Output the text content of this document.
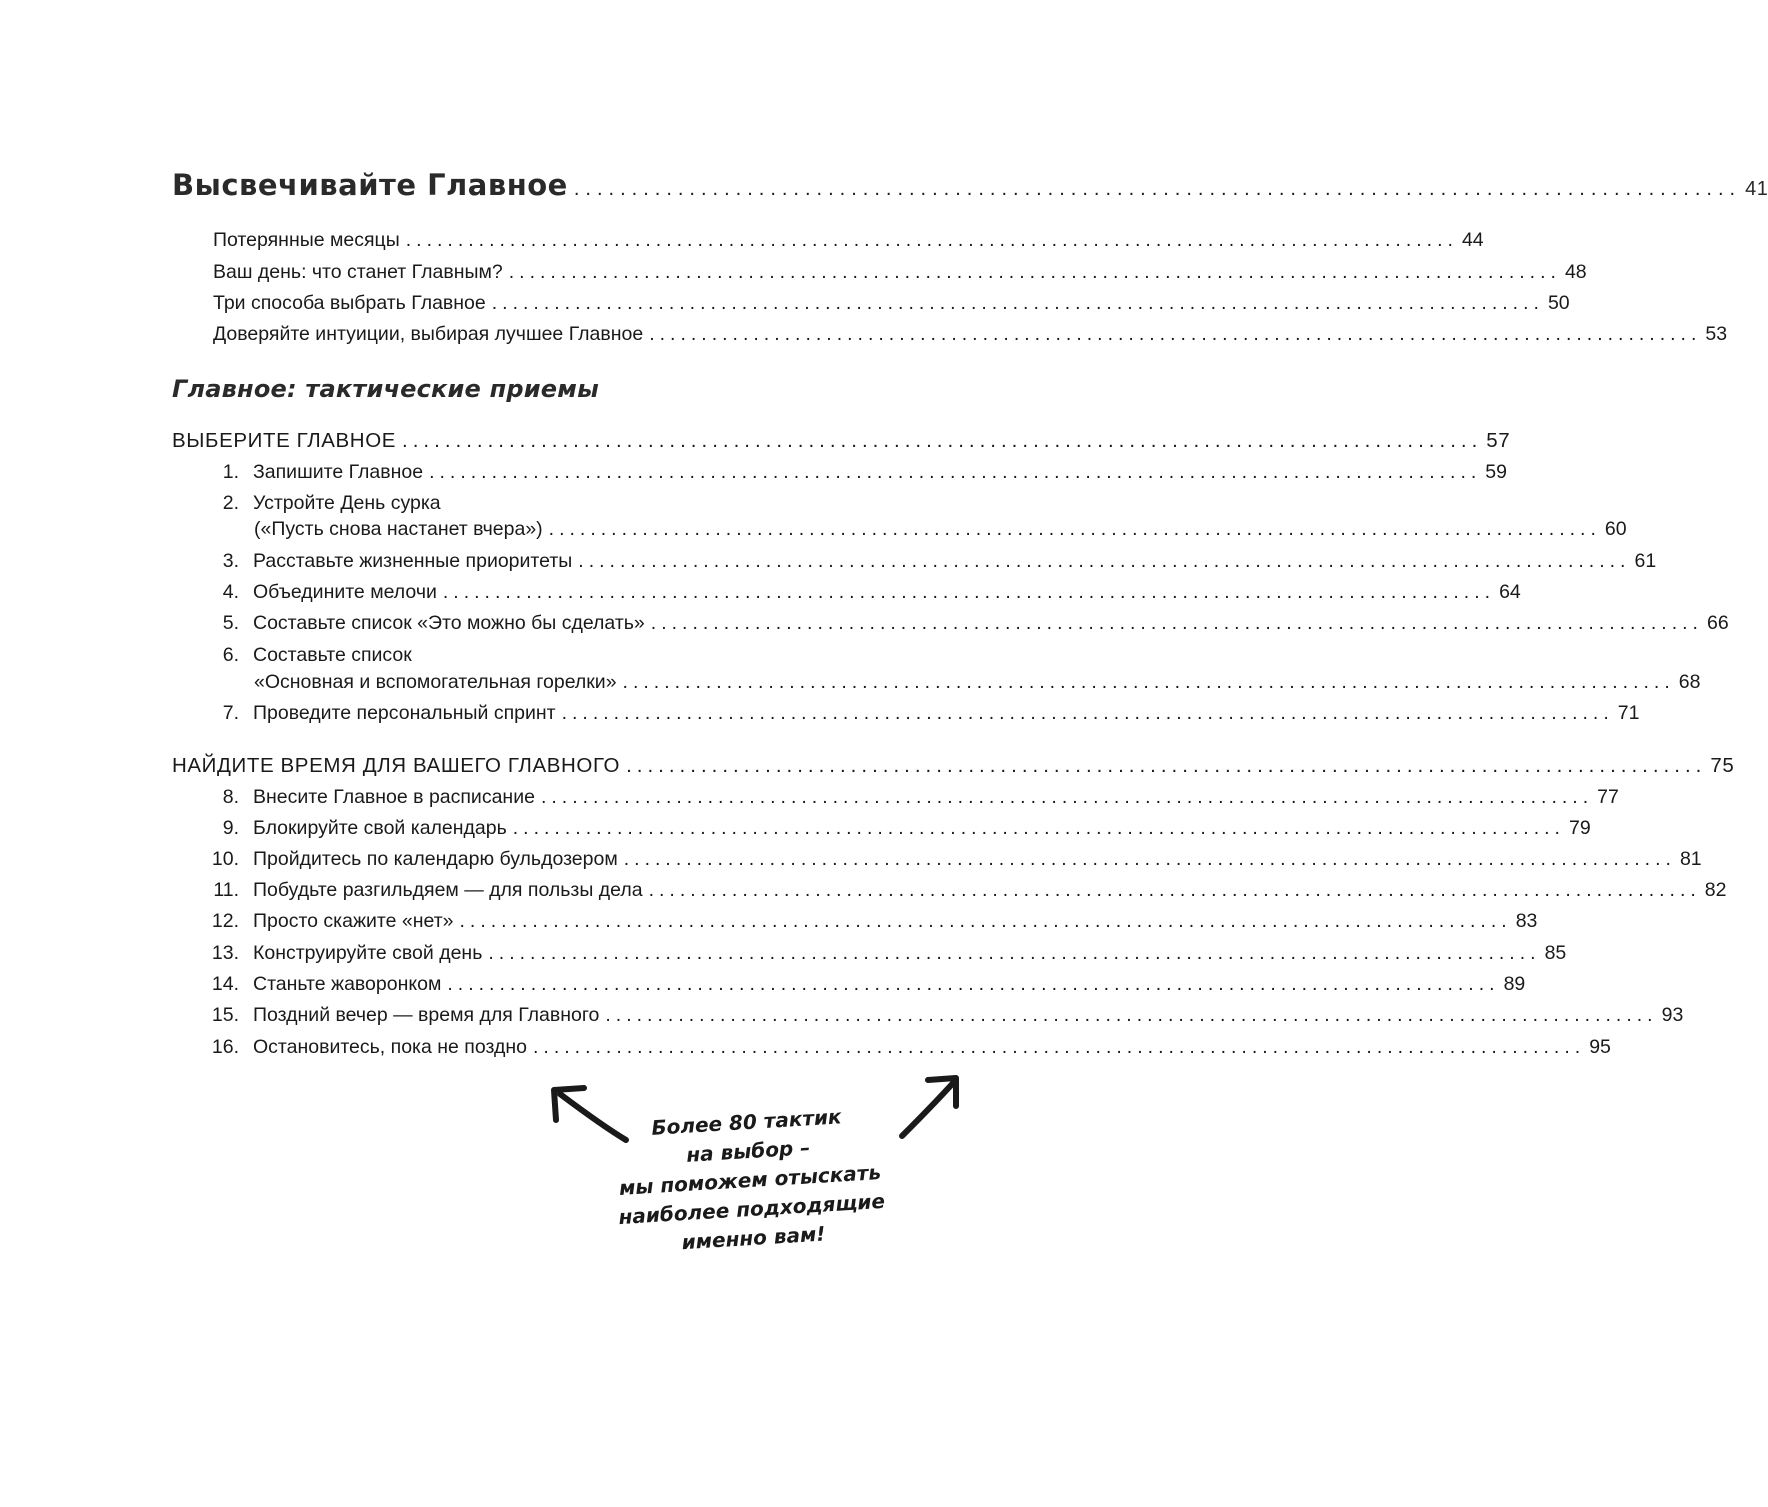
Высвечивайте Главное ..................................................................................................... 41
Потерянные месяцы ..................................................................................................... 44
Ваш день: что станет Главным? ..................................................................................................... 48
Три способа выбрать Главное ..................................................................................................... 50
Доверяйте интуиции, выбирая лучшее Главное ..................................................................................................... 53
Главное: тактические приемы
ВЫБЕРИТЕ ГЛАВНОЕ ..................................................................................................... 57
1. Запишите Главное ..................................................................................................... 59
2. Устройте День сурка
(«Пусть снова настанет вчера») ..................................................................................................... 60
3. Расставьте жизненные приоритеты ..................................................................................................... 61
4. Объедините мелочи ..................................................................................................... 64
5. Составьте список «Это можно бы сделать» ..................................................................................................... 66
6. Составьте список
«Основная и вспомогательная горелки» ..................................................................................................... 68
7. Проведите персональный спринт ..................................................................................................... 71
НАЙДИТЕ ВРЕМЯ ДЛЯ ВАШЕГО ГЛАВНОГО ..................................................................................................... 75
8. Внесите Главное в расписание ..................................................................................................... 77
9. Блокируйте свой календарь ..................................................................................................... 79
10. Пройдитесь по календарю бульдозером ..................................................................................................... 81
11. Побудьте разгильдяем — для пользы дела ..................................................................................................... 82
12. Просто скажите «нет» ..................................................................................................... 83
13. Конструируйте свой день ..................................................................................................... 85
14. Станьте жаворонком ..................................................................................................... 89
15. Поздний вечер — время для Главного ..................................................................................................... 93
16. Остановитесь, пока не поздно ..................................................................................................... 95
Более 80 тактик
на выбор –
мы поможем отыскать
наиболее подходящие
именно вам!
